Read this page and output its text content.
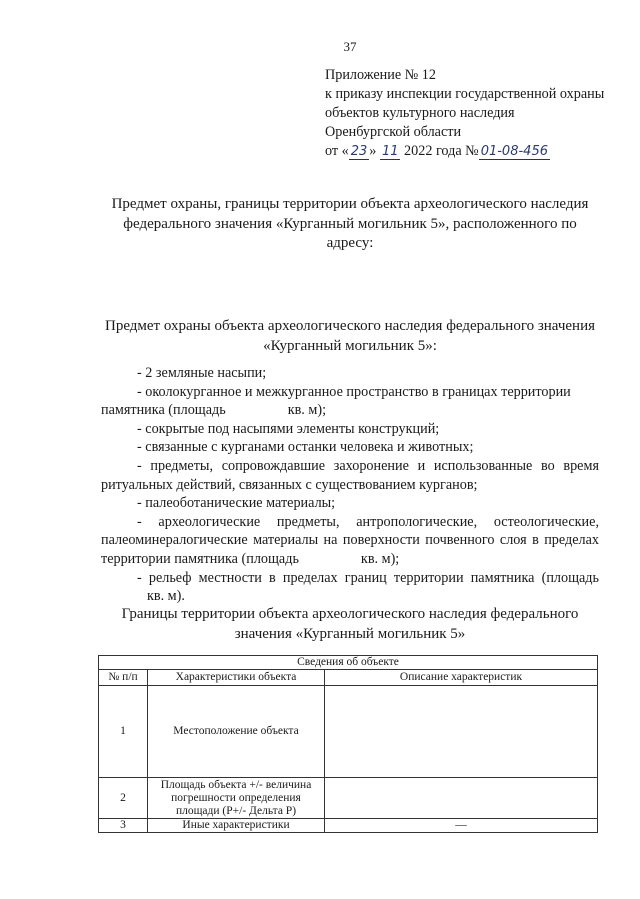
37
Приложение № 12
к приказу инспекции государственной охраны
объектов культурного наследия
Оренбургской области
от « 23 » 11 2022 года № 01-08-456
Предмет охраны, границы территории объекта археологического наследия федерального значения «Курганный могильник 5», расположенного по адресу:
Предмет охраны объекта археологического наследия федерального значения «Курганный могильник 5»:

- 2 земляные насыпи;

- околокурганное и межкурганное пространство в границах территории

памятника (площадь	кв. м);

- сокрытые под насыпями элементы конструкций;

- связанные с курганами останки человека и животных;

- предметы, сопровождавшие захоронение и использованные во время ритуальных действий, связанных с существованием курганов;

- палеоботанические материалы;

- археологические предметы, антропологические, остеологические, палеоминералогические материалы на поверхности почвенного слоя в пределах территории памятника (площадь	кв. м);

- рельеф местности в пределах границ территории памятника (площадькв. м).

Границы территории объекта археологического наследия федерального значения «Курганный могильник 5»
Сведения об объекте		
№ п/п	Характеристики объекта	Описание характеристик
1	Местоположение объекта	
2	Площадь объекта +/- величина погрешности определения площади (Р+/- Дельта Р)	
3	Иные характеристики	—
